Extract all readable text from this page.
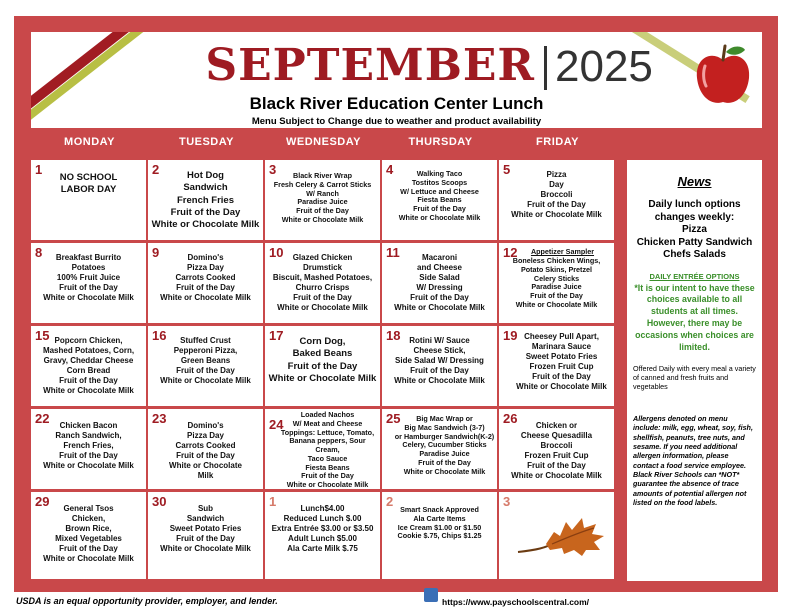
SEPTEMBER 2025
Black River Education Center Lunch
Menu Subject to Change due to weather and product availability
MONDAY	TUESDAY	WEDNESDAY	THURSDAY	FRIDAY
1
NO SCHOOL
LABOR DAY
2	Hot Dog
Sandwich
French Fries
Fruit of the Day
White or Chocolate Milk
3	Black River Wrap
Fresh Celery & Carrot Sticks
W/ Ranch
Paradise Juice
Fruit of the Day
White or Chocolate Milk
4	Walking Taco
Tostitos Scoops
W/ Lettuce and Cheese
Fiesta Beans
Fruit of the Day
White or Chocolate Milk
5	Pizza
Day
Broccoli
Fruit of the Day
White or Chocolate Milk
8	Breakfast Burrito
Potatoes
100% Fruit Juice
Fruit of the Day
White or Chocolate Milk
9	Domino's
Pizza Day
Carrots Cooked
Fruit of the Day
White or Chocolate Milk
10	Glazed Chicken
Drumstick
Biscuit, Mashed Potatoes,
Churro Crisps
Fruit of the Day
White or Chocolate Milk
11	Macaroni
and Cheese
Side Salad
W/ Dressing
Fruit of the Day
White or Chocolate Milk
12	Appetizer Sampler
Boneless Chicken Wings,
Potato Skins, Pretzel
Celery Sticks
Paradise Juice
Fruit of the Day
White or Chocolate Milk
15 Popcorn Chicken,
Mashed Potatoes, Corn,
Gravy, Cheddar Cheese
Corn Bread
Fruit of the Day
White or Chocolate Milk
16	Stuffed Crust
Pepperoni Pizza,
Green Beans
Fruit of the Day
White or Chocolate Milk
17	Corn Dog,
Baked Beans
Fruit of the Day
White or Chocolate Milk
18	Rotini W/ Sauce
Cheese Stick,
Side Salad W/ Dressing
Fruit of the Day
White or Chocolate Milk
19 Cheesey Pull Apart,
Marinara Sauce
Sweet Potato Fries
Frozen Fruit Cup
Fruit of the Day
White or Chocolate Milk
22	Chicken Bacon
Ranch Sandwich,
French Fries,
Fruit of the Day
White or Chocolate Milk
23	Domino's
Pizza Day
Carrots Cooked
Fruit of the Day
White or Chocolate
Milk
24
Loaded Nachos
W/ Meat and Cheese
Toppings: Lettuce, Tomato,
Banana peppers, Sour Cream,
Taco Sauce
Fiesta Beans
Fruit of the Day
White or Chocolate Milk
25	Big Mac Wrap or
Big Mac Sandwich (3-7)
or Hamburger Sandwich(K-2)
Celery, Cucumber Sticks
Paradise Juice
Fruit of the Day
White or Chocolate Milk
26	Chicken or
Cheese Quesadilla
Broccoli
Frozen Fruit Cup
Fruit of the Day
White or Chocolate Milk
29	General Tsos
Chicken,
Brown Rice,
Mixed Vegetables
Fruit of the Day
White or Chocolate Milk
30	Sub
Sandwich
Sweet Potato Fries
Fruit of the Day
White or Chocolate Milk
1	Lunch$4.00
Reduced Lunch $.00
Extra Entrée $3.00 or $3.50
Adult Lunch $5.00
Ala Carte Milk $.75
2
Smart Snack Approved
Ala Carte Items
Ice Cream $1.00 or $1.50
Cookie $.75, Chips $1.25
3
News
Daily lunch options
changes weekly:
Pizza
Chicken Patty Sandwich
Chefs Salads
DAILY ENTRÉE OPTIONS
*It is our intent to have these choices available to all students at all times. However, there may be occasions when choices are limited.
Offered Daily with every meal a variety of canned and fresh fruits and vegetables
Allergens denoted on menu include: milk, egg, wheat, soy, fish, shellfish, peanuts, tree nuts, and sesame. If you need additional allergen information, please contact a food service employee. Black River Schools can *NOT* guarantee the absence of trace amounts of potential allergen not listed on the food labels.
USDA is an equal opportunity provider, employer, and lender.	https://www.payschoolscentral.com/
